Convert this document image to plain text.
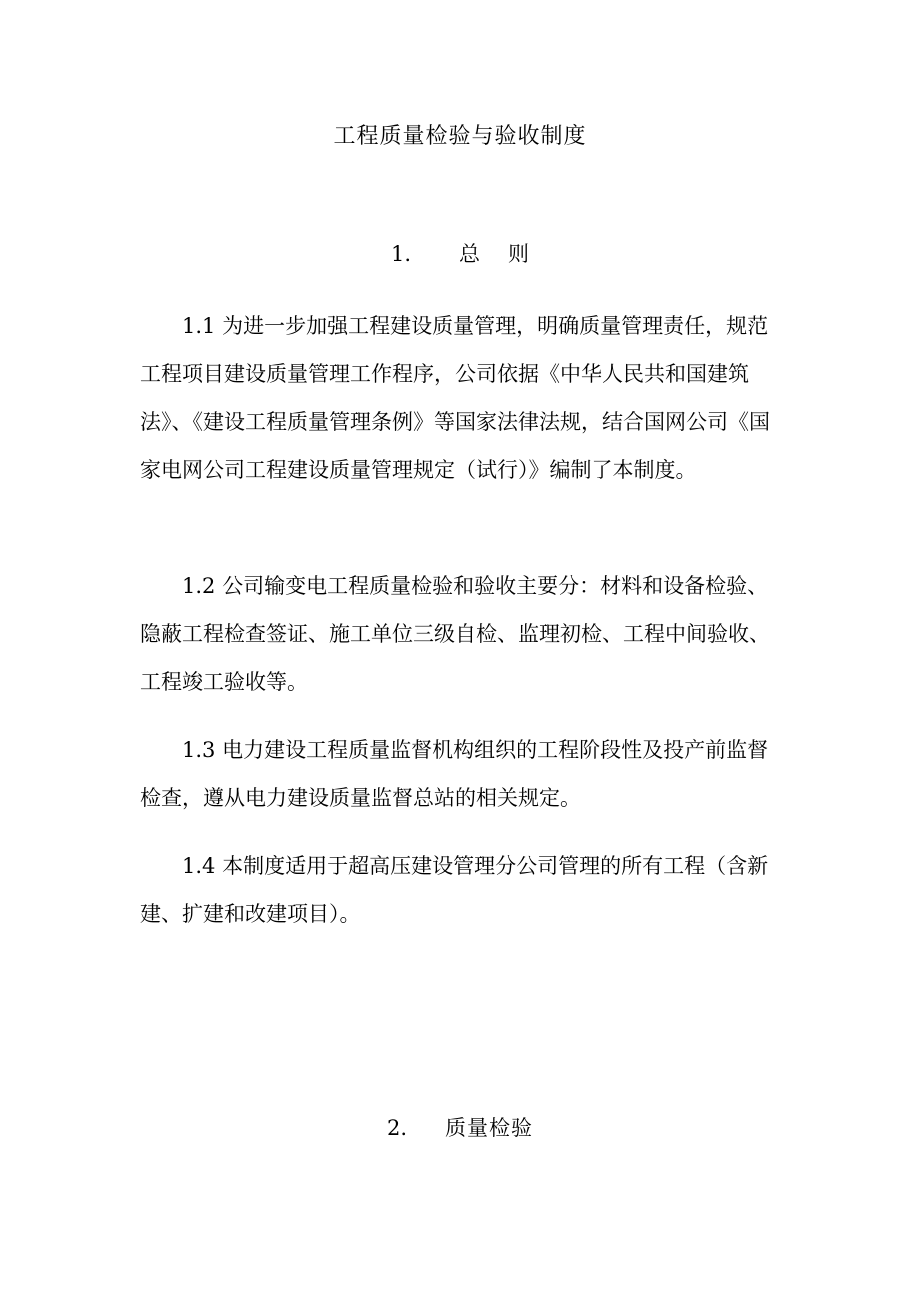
工程质量检验与验收制度
1. 总则

1.1 为进一步加强工程建设质量管理，明确质量管理责任，规范工程项目建设质量管理工作程序，公司依据《中华人民共和国建筑法》、《建设工程质量管理条例》等国家法律法规，结合国网公司《国家电网公司工程建设质量管理规定（试行）》编制了本制度。

1.2 公司输变电工程质量检验和验收主要分：材料和设备检验、隐蔽工程检查签证、施工单位三级自检、监理初检、工程中间验收、工程竣工验收等。

1.3 电力建设工程质量监督机构组织的工程阶段性及投产前监督检查，遵从电力建设质量监督总站的相关规定。

1.4 本制度适用于超高压建设管理分公司管理的所有工程（含新建、扩建和改建项目）。

2. 质量检验
